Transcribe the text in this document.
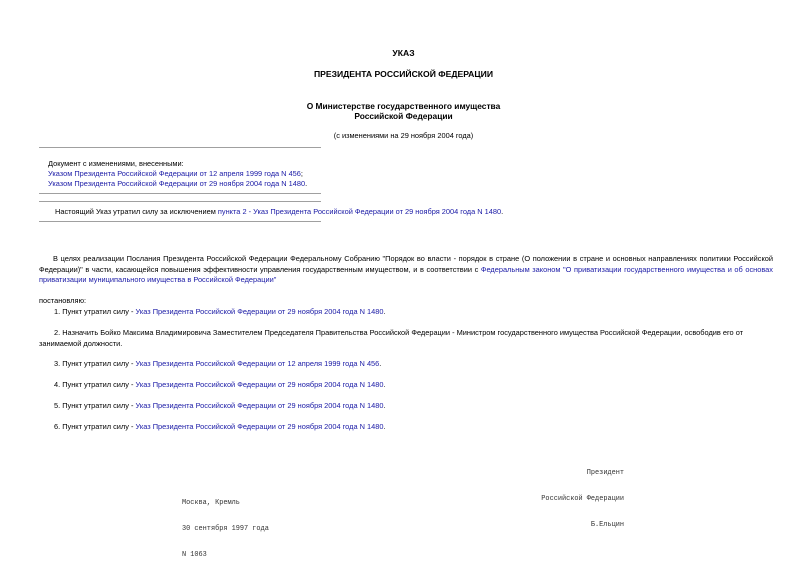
УКАЗ
ПРЕЗИДЕНТА РОССИЙСКОЙ ФЕДЕРАЦИИ
О Министерстве государственного имущества
Российской Федерации
(с изменениями на 29 ноября 2004 года)
Документ с изменениями, внесенными:
Указом Президента Российской Федерации от 12 апреля 1999 года N 456;
Указом Президента Российской Федерации от 29 ноября 2004 года N 1480.
Настоящий Указ утратил силу за исключением пункта 2 - Указ Президента Российской Федерации от 29 ноября 2004 года N 1480.
В целях реализации Послания Президента Российской Федерации Федеральному Собранию "Порядок во власти - порядок в стране (О положении в стране и основных направлениях политики Российской Федерации)" в части, касающейся повышения эффективности управления государственным имуществом, и в соответствии с Федеральным законом "О приватизации государственного имущества и об основах приватизации муниципального имущества в Российской Федерации"
постановляю:
1. Пункт утратил силу - Указ Президента Российской Федерации от 29 ноября 2004 года N 1480.
2. Назначить Бойко Максима Владимировича Заместителем Председателя Правительства Российской Федерации - Министром государственного имущества Российской Федерации, освободив его от занимаемой должности.
3. Пункт утратил силу - Указ Президента Российской Федерации от 12 апреля 1999 года N 456.
4. Пункт утратил силу - Указ Президента Российской Федерации от 29 ноября 2004 года N 1480.
5. Пункт утратил силу - Указ Президента Российской Федерации от 29 ноября 2004 года N 1480.
6. Пункт утратил силу - Указ Президента Российской Федерации от 29 ноября 2004 года N 1480.

Президент

Российской Федерации

Б.Ельцин

Москва, Кремль

30 сентября 1997 года

N 1063
